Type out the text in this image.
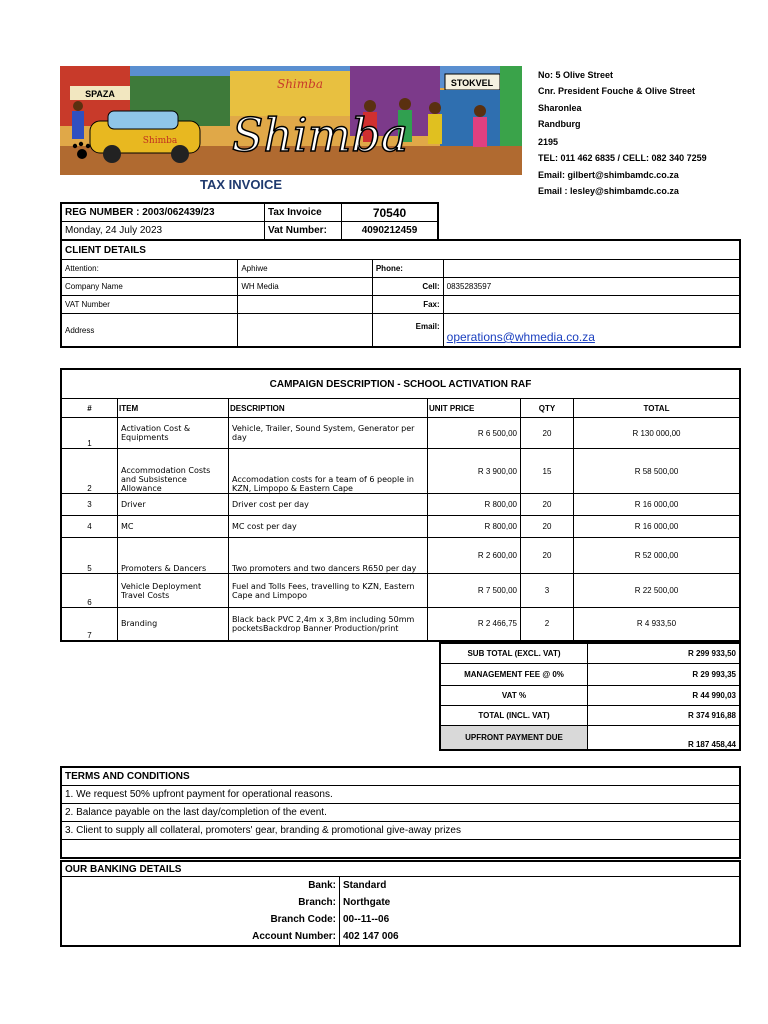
SPAZA
STOKVEL
Shimba Shimba
Shimba
No: 5 Olive Street
Cnr. President Fouche & Olive Street
Sharonlea
Randburg
2195
TEL: 011 462 6835 / CELL: 082 340 7259
Email: gilbert@shimbamdc.co.za
Email : lesley@shimbamdc.co.za
TAX INVOICE
REG NUMBER : 2003/062439/23	Tax Invoice	70540
Monday, 24 July 2023	Vat Number:	4090212459
CLIENT DETAILS			
Attention:	Aphiwe	Phone:	
Company Name	WH Media	Cell:	0835283597
VAT Number		Fax:	
Address		Email:	operations@whmedia.co.za
CAMPAIGN DESCRIPTION - SCHOOL ACTIVATION RAF					
#	ITEM	DESCRIPTION	UNIT PRICE	QTY	TOTAL
1	Activation Cost & Equipments	Vehicle, Trailer, Sound System, Generator per day	R 6 500,00	20	R 130 000,00
2	Accommodation Costs and Subsistence Allowance	Accomodation costs for a team of 6 people in KZN, Limpopo & Eastern Cape	R 3 900,00	15	R 58 500,00
3	Driver	Driver cost per day	R 800,00	20	R 16 000,00
4	MC	MC cost per day	R 800,00	20	R 16 000,00
5	Promoters & Dancers	Two promoters and two dancers R650 per day	R 2 600,00	20	R 52 000,00
6	Vehicle Deployment Travel Costs	Fuel and Tolls Fees, travelling to KZN, Eastern Cape and Limpopo	R 7 500,00	3	R 22 500,00
7	Branding	Black back PVC 2,4m x 3,8m including 50mm pocketsBackdrop Banner Production/print	R 2 466,75	2	R 4 933,50
SUB TOTAL (EXCL. VAT)	R 299 933,50
MANAGEMENT FEE @ 0%	R 29 993,35
VAT %	R 44 990,03
TOTAL (INCL. VAT)	R 374 916,88
UPFRONT PAYMENT DUE	R 187 458,44
TERMS AND CONDITIONS
1. We request 50% upfront payment for operational reasons.
2. Balance payable on the last day/completion of the event.
3. Client to supply all collateral, promoters' gear, branding & promotional give-away prizes

OUR BANKING DETAILS	
Bank:	Standard
Branch:	Northgate
Branch Code:	00--11--06
Account Number:	402 147 006
